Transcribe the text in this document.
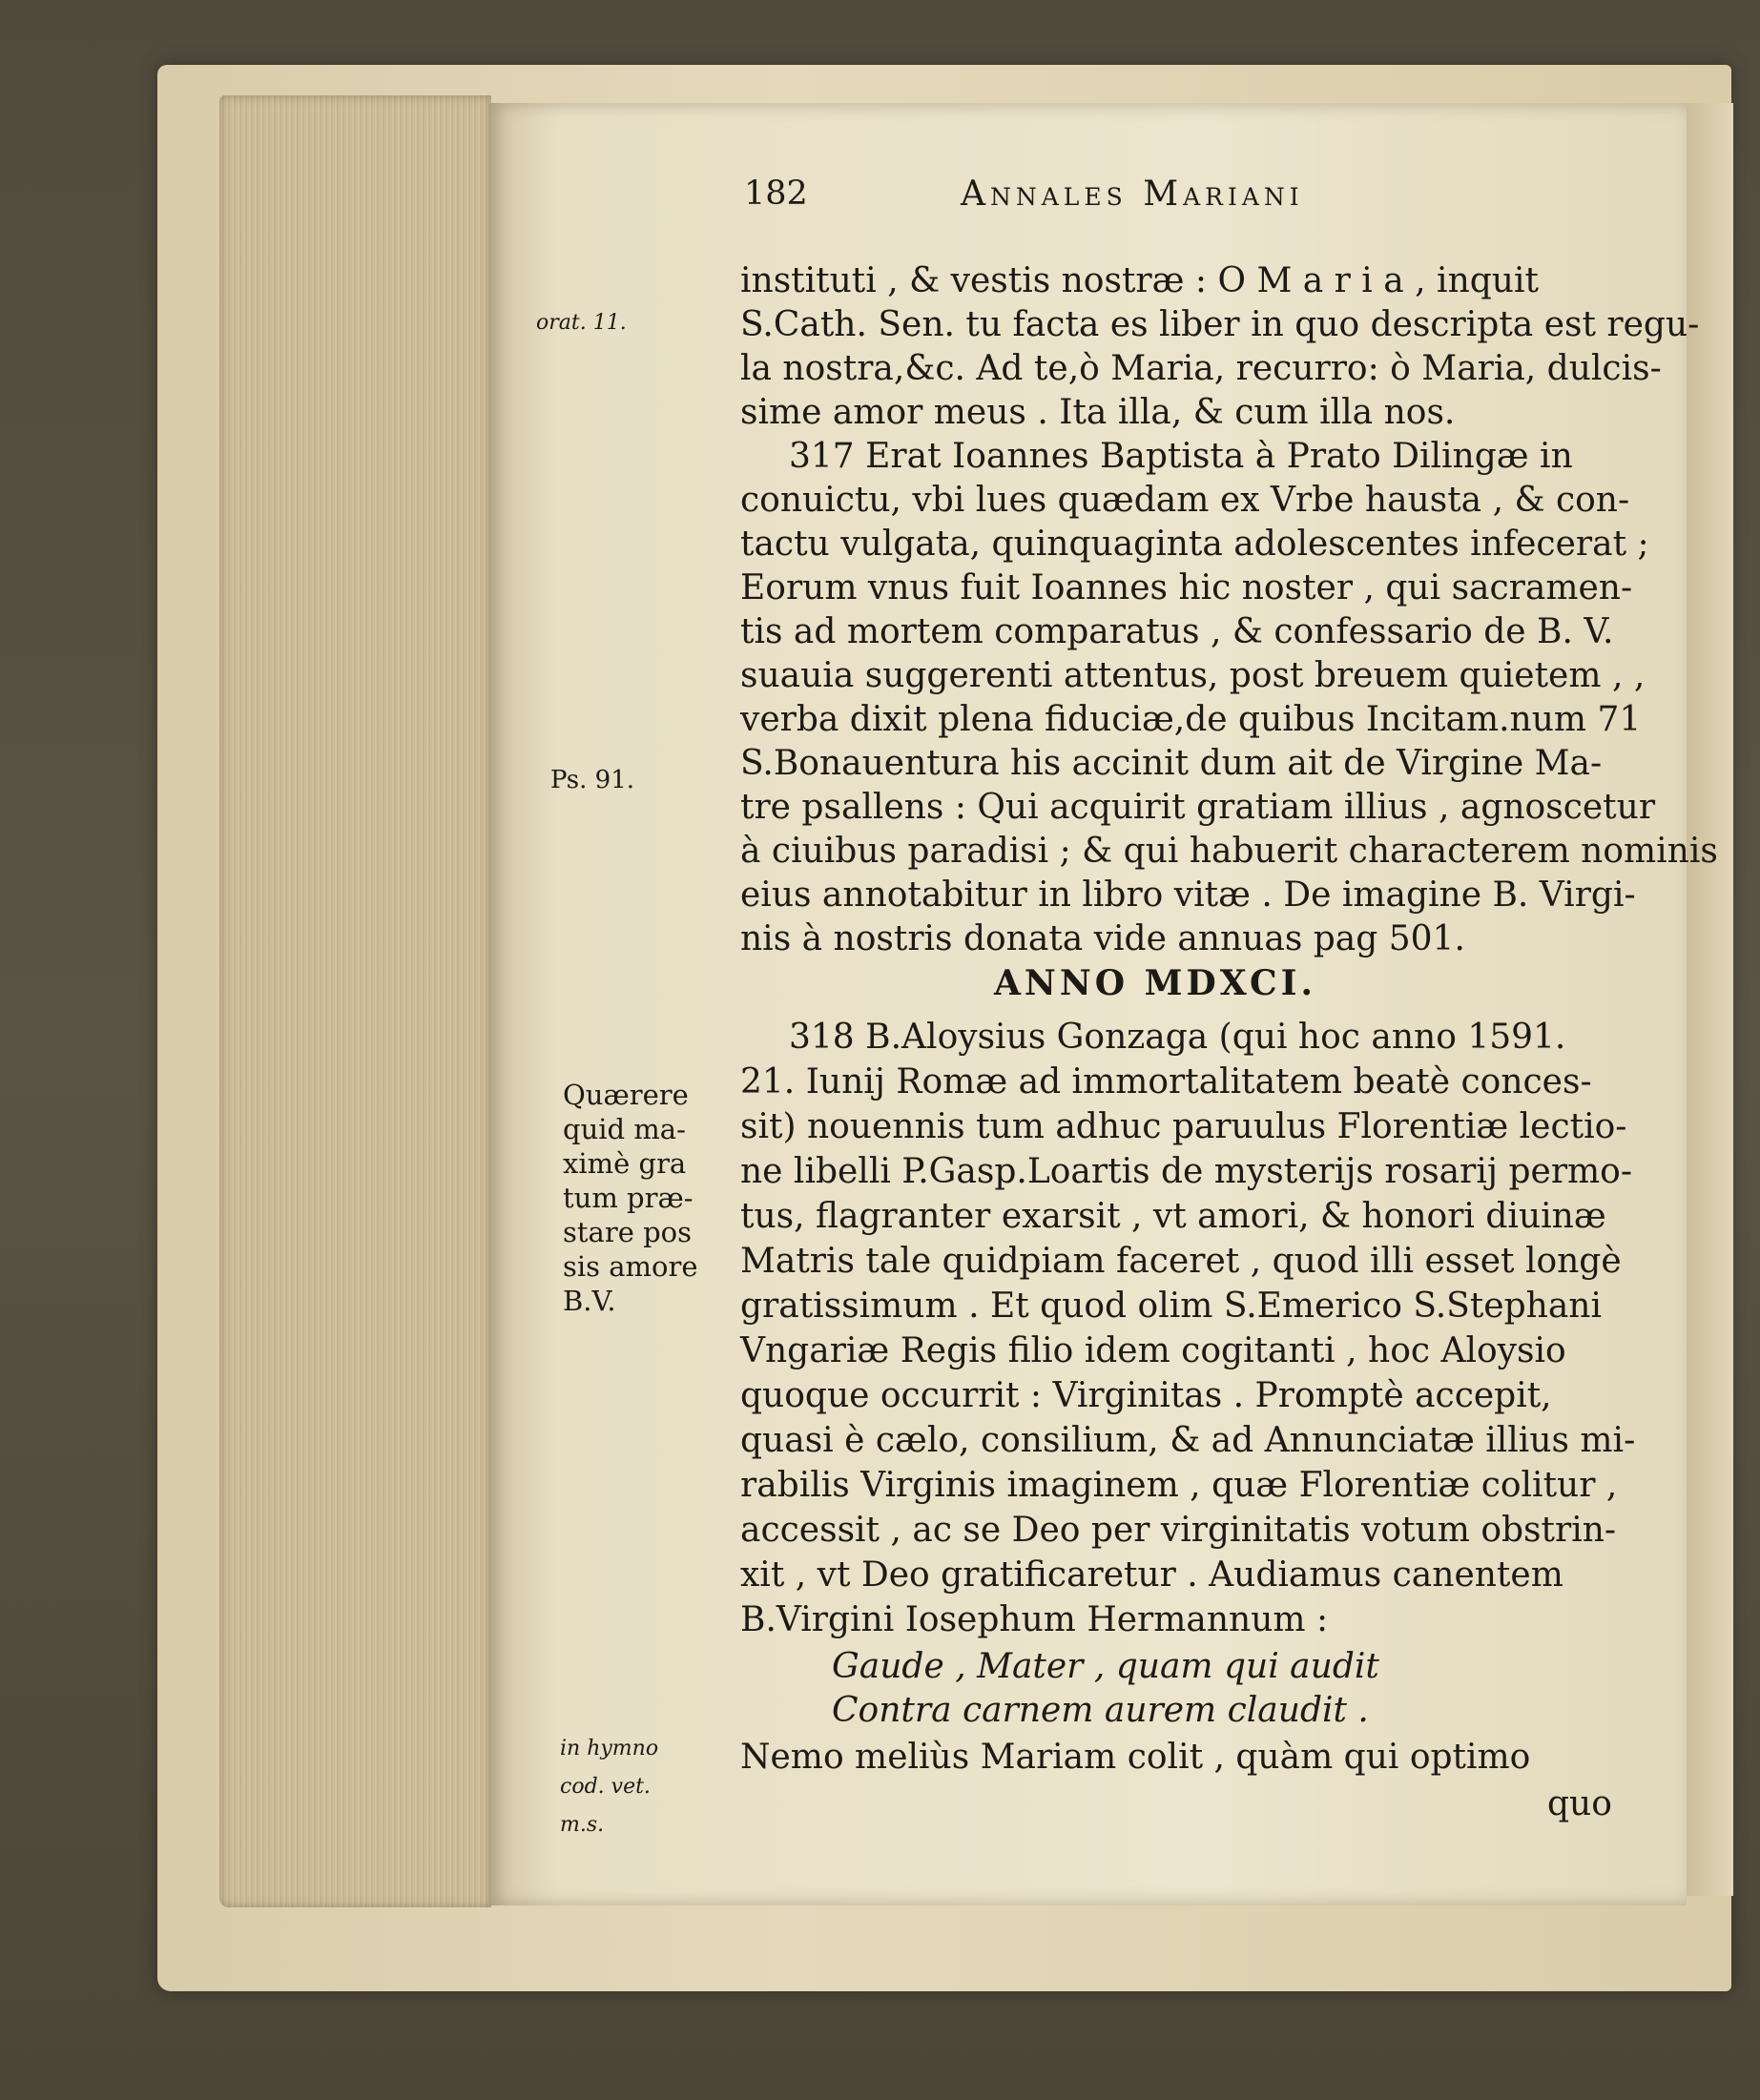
182	Annales Mariani
orat. 11.
Ps. 91.
Quærere
quid ma-
ximè gra
tum præ-
stare pos
sis amore
B.V.
in hymno
cod. vet.
m.s.
instituti , & vestis nostræ : O M a r i a , inquit
S.Cath. Sen. tu facta es liber in quo descripta est regu-
la nostra,&c. Ad te,ò Maria, recurro: ò Maria, dulcis-
sime amor meus . Ita illa, & cum illa nos.
317 Erat Ioannes Baptista à Prato Dilingæ in
conuictu, vbi lues quædam ex Vrbe hausta , & con-
tactu vulgata, quinquaginta adolescentes infecerat ;
Eorum vnus fuit Ioannes hic noster , qui sacramen-
tis ad mortem comparatus , & confessario de B. V.
suauia suggerenti attentus, post breuem quietem , ,
verba dixit plena fiduciæ,de quibus Incitam.num 71
S.Bonauentura his accinit dum ait de Virgine Ma-
tre psallens : Qui acquirit gratiam illius , agnoscetur
à ciuibus paradisi ; & qui habuerit characterem nominis
eius annotabitur in libro vitæ . De imagine B. Virgi-
nis à nostris donata vide annuas pag 501.
ANNO MDXCI.
318 B.Aloysius Gonzaga (qui hoc anno 1591.
21. Iunij Romæ ad immortalitatem beatè conces-
sit) nouennis tum adhuc paruulus Florentiæ lectio-
ne libelli P.Gasp.Loartis de mysterijs rosarij permo-
tus, flagranter exarsit , vt amori, & honori diuinæ
Matris tale quidpiam faceret , quod illi esset longè
gratissimum . Et quod olim S.Emerico S.Stephani
Vngariæ Regis filio idem cogitanti , hoc Aloysio
quoque occurrit : Virginitas . Promptè accepit,
quasi è cælo, consilium, & ad Annunciatæ illius mi-
rabilis Virginis imaginem , quæ Florentiæ colitur ,
accessit , ac se Deo per virginitatis votum obstrin-
xit , vt Deo gratificaretur . Audiamus canentem
B.Virgini Iosephum Hermannum :
Gaude , Mater , quam qui audit
Contra carnem aurem claudit .
Nemo meliùs Mariam colit , quàm qui optimo
quo
